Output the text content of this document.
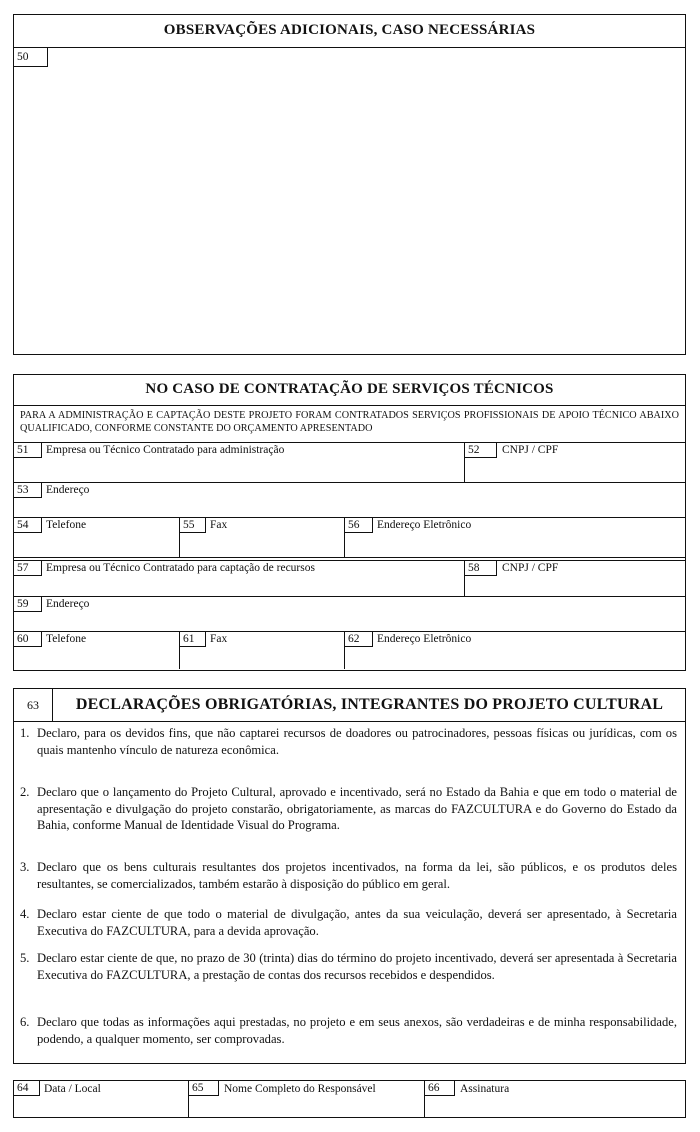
OBSERVAÇÕES ADICIONAIS, CASO NECESSÁRIAS
50
NO CASO DE CONTRATAÇÃO DE SERVIÇOS TÉCNICOS
PARA A ADMINISTRAÇÃO E CAPTAÇÃO DESTE PROJETO FORAM CONTRATADOS SERVIÇOS PROFISSIONAIS DE APOIO TÉCNICO ABAIXO QUALIFICADO, CONFORME CONSTANTE DO ORÇAMENTO APRESENTADO
51	Empresa ou Técnico Contratado para administração	52	CNPJ / CPF
53	Endereço
54	Telefone	55	Fax	56	Endereço Eletrônico
57	Empresa ou Técnico Contratado para captação de recursos	58	CNPJ / CPF
59	Endereço
60	Telefone	61	Fax	62	Endereço Eletrônico
63	DECLARAÇÕES OBRIGATÓRIAS, INTEGRANTES DO PROJETO CULTURAL
1. Declaro, para os devidos fins, que não captarei recursos de doadores ou patrocinadores, pessoas físicas ou jurídicas, com os quais mantenho vínculo de natureza econômica.
2. Declaro que o lançamento do Projeto Cultural, aprovado e incentivado, será no Estado da Bahia e que em todo o material de apresentação e divulgação do projeto constarão, obrigatoriamente, as marcas do FAZCULTURA e do Governo do Estado da Bahia, conforme Manual de Identidade Visual do Programa.
3. Declaro que os bens culturais resultantes dos projetos incentivados, na forma da lei, são públicos, e os produtos deles resultantes, se comercializados, também estarão à disposição do público em geral.
4. Declaro estar ciente de que todo o material de divulgação, antes da sua veiculação, deverá ser apresentado, à Secretaria Executiva do FAZCULTURA, para a devida aprovação.
5. Declaro estar ciente de que, no prazo de 30 (trinta) dias do término do projeto incentivado, deverá ser apresentada à Secretaria Executiva do FAZCULTURA, a prestação de contas dos recursos recebidos e despendidos.
6. Declaro que todas as informações aqui prestadas, no projeto e em seus anexos, são verdadeiras e de minha responsabilidade, podendo, a qualquer momento, ser comprovadas.
64	Data / Local	65	Nome Completo do Responsável	66	Assinatura
